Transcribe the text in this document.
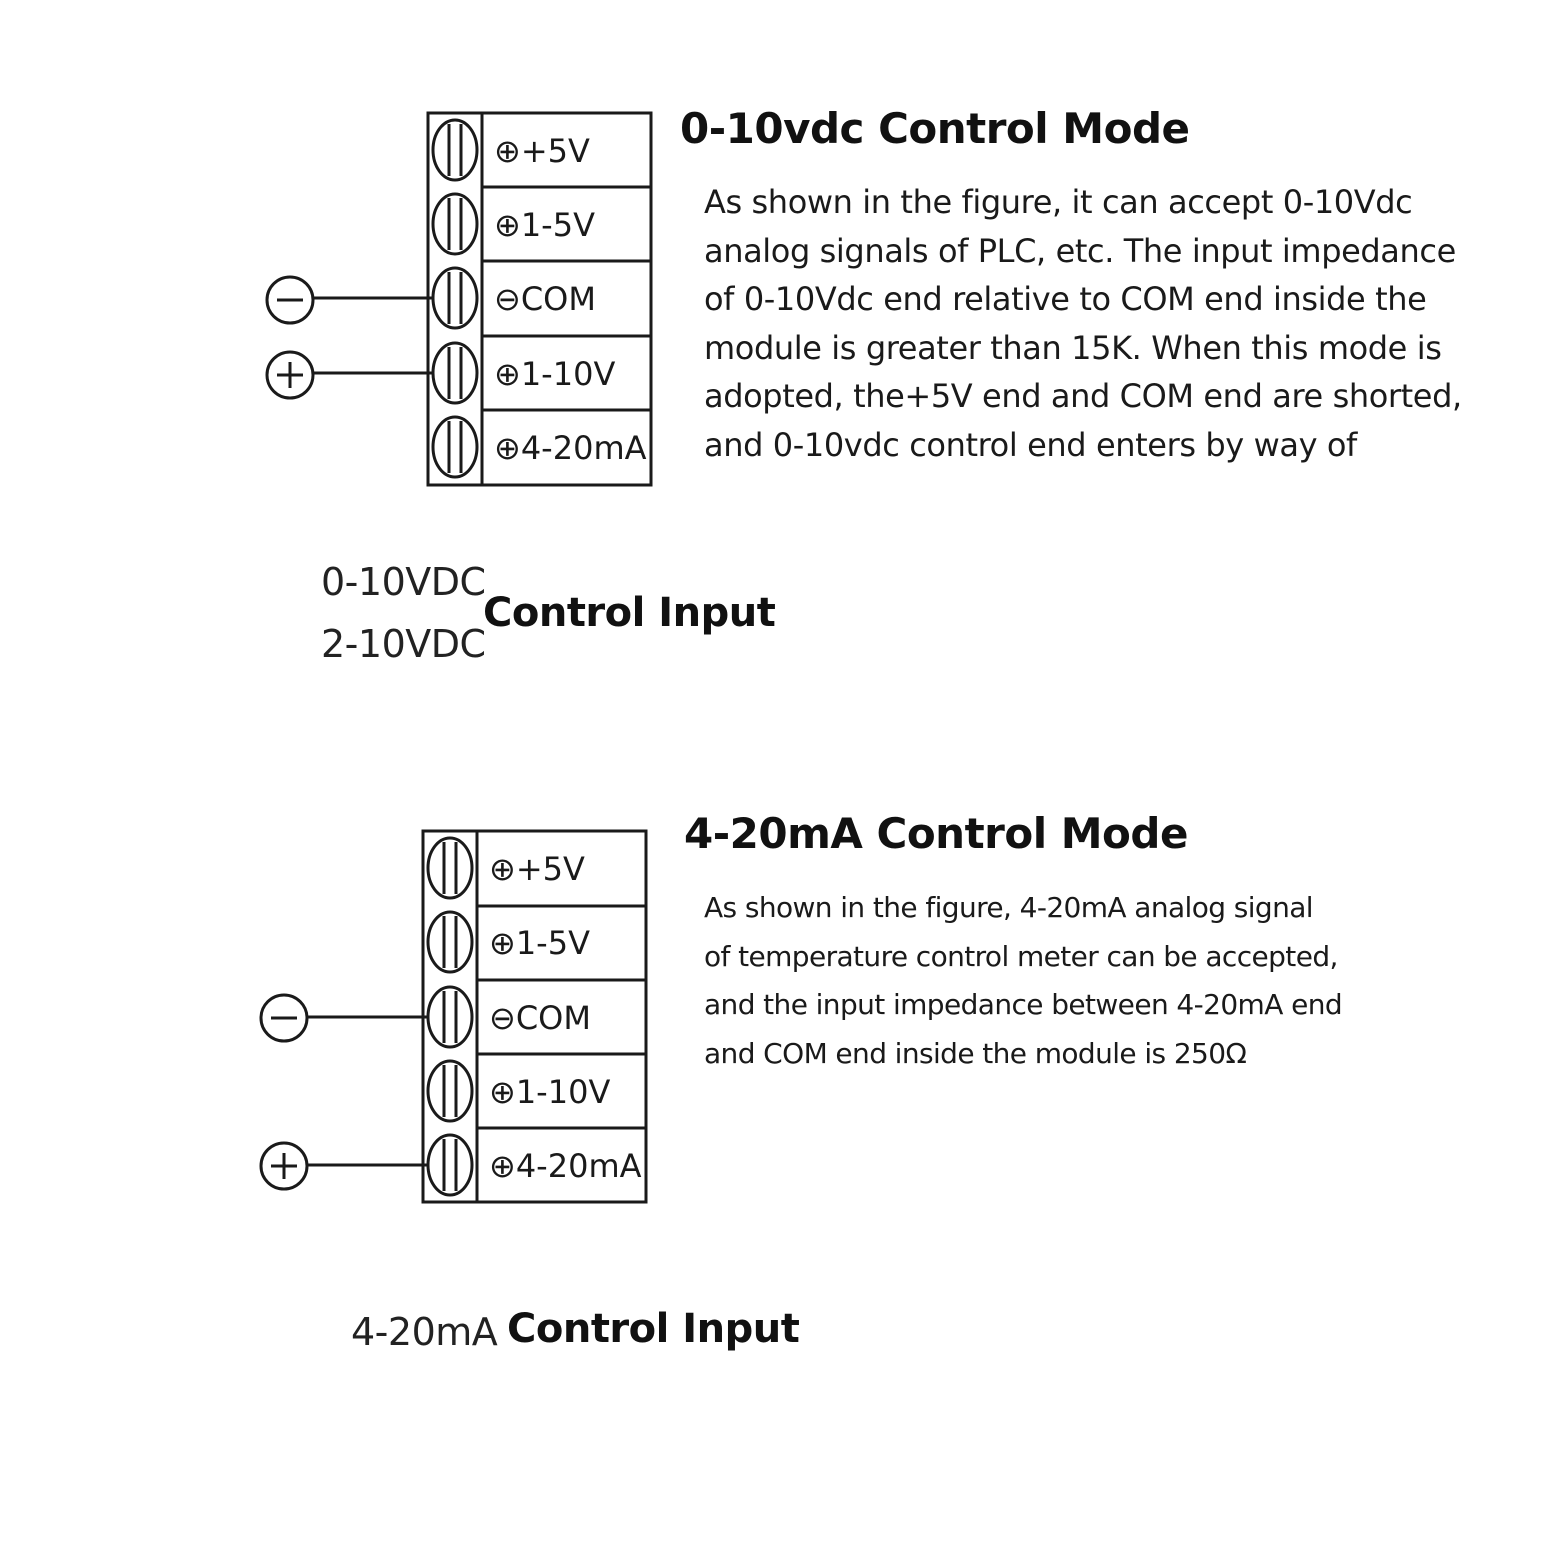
⊕+5V
⊕1-5V
⊖COM
⊕1-10V
⊕4-20mA
⊕+5V
⊕1-5V
⊖COM
⊕1-10V
⊕4-20mA
0-10vdc Control Mode
As shown in the figure, it can accept 0-10Vdc
analog signals of PLC, etc. The input impedance
of 0-10Vdc end relative to COM end inside the
module is greater than 15K. When this mode is
adopted, the+5V end and COM end are shorted,
and 0-10vdc control end enters by way of
0-10VDC
2-10VDC
Control Input
4-20mA Control Mode
As shown in the figure, 4-20mA analog signal
of temperature control meter can be accepted,
and the input impedance between 4-20mA end
and COM end inside the module is 250Ω
4-20mA Control Input
